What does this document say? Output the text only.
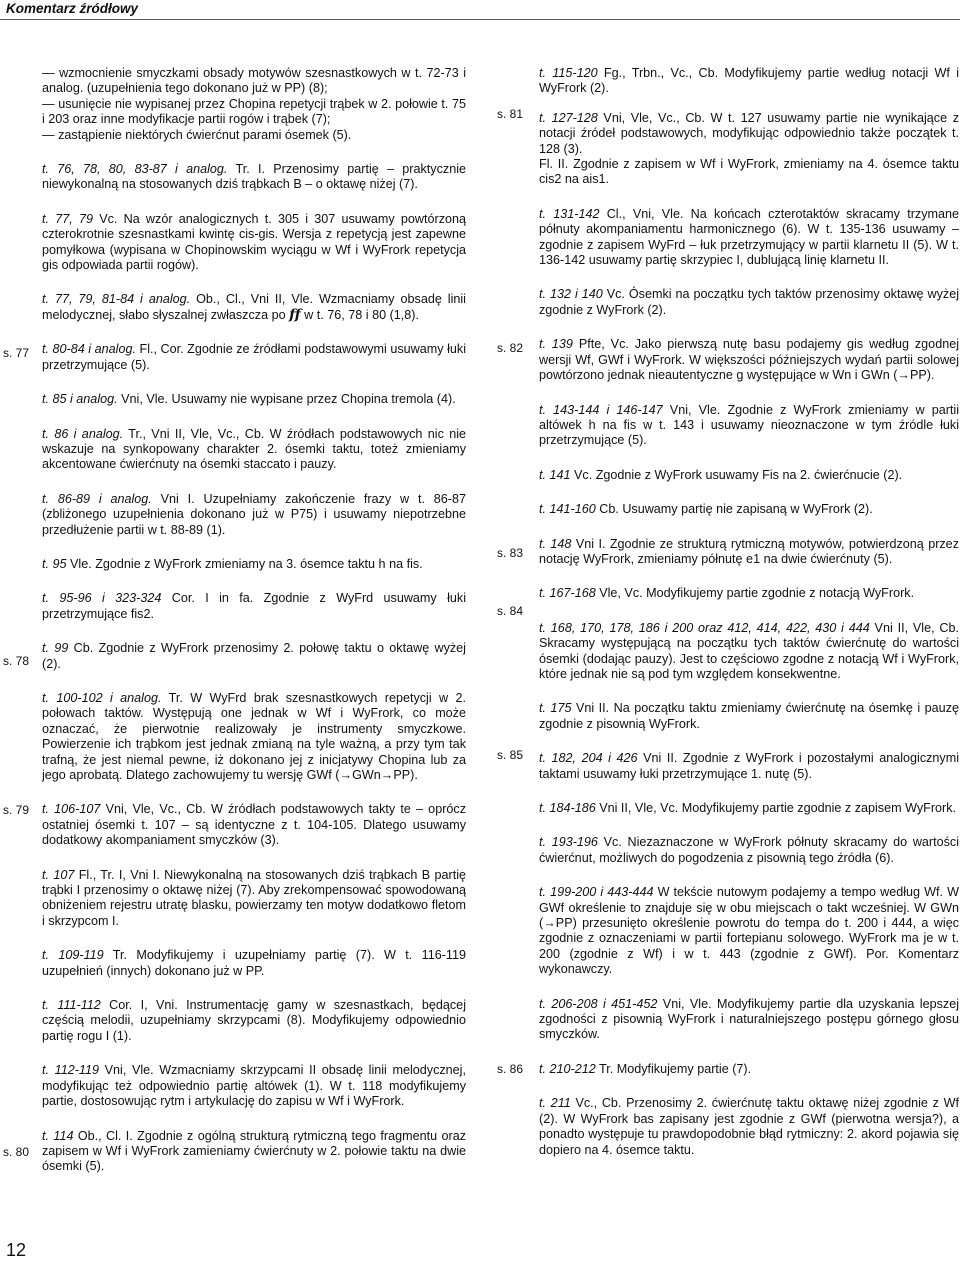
Komentarz źródłowy
s. 77
s. 78
s. 79
s. 80
s. 81
s. 82
s. 83
s. 84
s. 85
s. 86

— wzmocnienie smyczkami obsady motywów szesnastkowych w t. 72-73 i analog. (uzupełnienia tego dokonano już w PP) (8);

— usunięcie nie wypisanej przez Chopina repetycji trąbek w 2. połowie t. 75 i 203 oraz inne modyfikacje partii rogów i trąbek (7);

— zastąpienie niektórych ćwierćnut parami ósemek (5).

t. 76, 78, 80, 83-87 i analog. Tr. I. Przenosimy partię – praktycznie niewykonalną na stosowanych dziś trąbkach B – o oktawę niżej (7).

t. 77, 79 Vc. Na wzór analogicznych t. 305 i 307 usuwamy powtórzoną czterokrotnie szesnastkami kwintę cis-gis. Wersja z repetycją jest zapewne pomyłkowa (wypisana w Chopinowskim wyciągu w Wf i WyFrork repetycja gis odpowiada partii rogów).

t. 77, 79, 81-84 i analog. Ob., Cl., Vni II, Vle. Wzmacniamy obsadę linii melodycznej, słabo słyszalnej zwłaszcza po ff w t. 76, 78 i 80 (1,8).

t. 80-84 i analog. Fl., Cor. Zgodnie ze źródłami podstawowymi usuwamy łuki przetrzymujące (5).

t. 85 i analog. Vni, Vle. Usuwamy nie wypisane przez Chopina tremola (4).

t. 86 i analog. Tr., Vni II, Vle, Vc., Cb. W źródłach podstawowych nic nie wskazuje na synkopowany charakter 2. ósemki taktu, toteż zmieniamy akcentowane ćwierćnuty na ósemki staccato i pauzy.

t. 86-89 i analog. Vni I. Uzupełniamy zakończenie frazy w t. 86-87 (zbliżonego uzupełnienia dokonano już w P75) i usuwamy niepotrzebne przedłużenie partii w t. 88-89 (1).

t. 95 Vle. Zgodnie z WyFrork zmieniamy na 3. ósemce taktu h na fis.

t. 95-96 i 323-324 Cor. I in fa. Zgodnie z WyFrd usuwamy łuki przetrzymujące fis2.

t. 99 Cb. Zgodnie z WyFrork przenosimy 2. połowę taktu o oktawę wyżej (2).

t. 100-102 i analog. Tr. W WyFrd brak szesnastkowych repetycji w 2. połowach taktów. Występują one jednak w Wf i WyFrork, co może oznaczać, że pierwotnie realizowały je instrumenty smyczkowe. Powierzenie ich trąbkom jest jednak zmianą na tyle ważną, a przy tym tak trafną, że jest niemal pewne, iż dokonano jej z inicjatywy Chopina lub za jego aprobatą. Dlatego zachowujemy tu wersję GWf (→GWn→PP).

t. 106-107 Vni, Vle, Vc., Cb. W źródłach podstawowych takty te – oprócz ostatniej ósemki t. 107 – są identyczne z t. 104-105. Dlatego usuwamy dodatkowy akompaniament smyczków (3).

t. 107 Fl., Tr. I, Vni I. Niewykonalną na stosowanych dziś trąbkach B partię trąbki I przenosimy o oktawę niżej (7). Aby zrekompensować spowodowaną obniżeniem rejestru utratę blasku, powierzamy ten motyw dodatkowo fletom i skrzypcom I.

t. 109-119 Tr. Modyfikujemy i uzupełniamy partię (7). W t. 116-119 uzupełnień (innych) dokonano już w PP.

t. 111-112 Cor. I, Vni. Instrumentację gamy w szesnastkach, będącej częścią melodii, uzupełniamy skrzypcami (8). Modyfikujemy odpowiednio partię rogu I (1).

t. 112-119 Vni, Vle. Wzmacniamy skrzypcami II obsadę linii melodycznej, modyfikując też odpowiednio partię altówek (1). W t. 118 modyfikujemy partie, dostosowując rytm i artykulację do zapisu w Wf i WyFrork.

t. 114 Ob., Cl. I. Zgodnie z ogólną strukturą rytmiczną tego fragmentu oraz zapisem w Wf i WyFrork zamieniamy ćwierćnuty w 2. połowie taktu na dwie ósemki (5).

t. 115-120 Fg., Trbn., Vc., Cb. Modyfikujemy partie według notacji Wf i WyFrork (2).

t. 127-128 Vni, Vle, Vc., Cb. W t. 127 usuwamy partie nie wynikające z notacji źródeł podstawowych, modyfikując odpowiednio także początek t. 128 (3).

Fl. II. Zgodnie z zapisem w Wf i WyFrork, zmieniamy na 4. ósemce taktu cis2 na ais1.

t. 131-142 Cl., Vni, Vle. Na końcach czterotaktów skracamy trzymane półnuty akompaniamentu harmonicznego (6). W t. 135-136 usuwamy – zgodnie z zapisem WyFrd – łuk przetrzymujący w partii klarnetu II (5). W t. 136-142 usuwamy partię skrzypiec I, dublującą linię klarnetu II.

t. 132 i 140 Vc. Ósemki na początku tych taktów przenosimy oktawę wyżej zgodnie z WyFrork (2).

t. 139 Pfte, Vc. Jako pierwszą nutę basu podajemy gis według zgodnej wersji Wf, GWf i WyFrork. W większości późniejszych wydań partii solowej powtórzono jednak nieautentyczne g występujące w Wn i GWn (→PP).

t. 143-144 i 146-147 Vni, Vle. Zgodnie z WyFrork zmieniamy w partii altówek h na fis w t. 143 i usuwamy nieoznaczone w tym źródle łuki przetrzymujące (5).

t. 141 Vc. Zgodnie z WyFrork usuwamy Fis na 2. ćwierćnucie (2).

t. 141-160 Cb. Usuwamy partię nie zapisaną w WyFrork (2).

t. 148 Vni I. Zgodnie ze strukturą rytmiczną motywów, potwierdzoną przez notację WyFrork, zmieniamy półnutę e1 na dwie ćwierćnuty (5).

t. 167-168 Vle, Vc. Modyfikujemy partie zgodnie z notacją WyFrork.

t. 168, 170, 178, 186 i 200 oraz 412, 414, 422, 430 i 444 Vni II, Vle, Cb. Skracamy występującą na początku tych taktów ćwierćnutę do wartości ósemki (dodając pauzy). Jest to częściowo zgodne z notacją Wf i WyFrork, które jednak nie są pod tym względem konsekwentne.

t. 175 Vni II. Na początku taktu zmieniamy ćwierćnutę na ósemkę i pauzę zgodnie z pisownią WyFrork.

t. 182, 204 i 426 Vni II. Zgodnie z WyFrork i pozostałymi analogicznymi taktami usuwamy łuki przetrzymujące 1. nutę (5).

t. 184-186 Vni II, Vle, Vc. Modyfikujemy partie zgodnie z zapisem WyFrork.

t. 193-196 Vc. Niezaznaczone w WyFrork półnuty skracamy do wartości ćwierćnut, możliwych do pogodzenia z pisownią tego źródła (6).

t. 199-200 i 443-444 W tekście nutowym podajemy a tempo według Wf. W GWf określenie to znajduje się w obu miejscach o takt wcześniej. W GWn (→PP) przesunięto określenie powrotu do tempa do t. 200 i 444, a więc zgodnie z oznaczeniami w partii fortepianu solowego. WyFrork ma je w t. 200 (zgodnie z Wf) i w t. 443 (zgodnie z GWf). Por. Komentarz wykonawczy.

t. 206-208 i 451-452 Vni, Vle. Modyfikujemy partie dla uzyskania lepszej zgodności z pisownią WyFrork i naturalniejszego postępu górnego głosu smyczków.

t. 210-212 Tr. Modyfikujemy partie (7).

t. 211 Vc., Cb. Przenosimy 2. ćwierćnutę taktu oktawę niżej zgodnie z Wf (2). W WyFrork bas zapisany jest zgodnie z GWf (pierwotna wersja?), a ponadto występuje tu prawdopodobnie błąd rytmiczny: 2. akord pojawia się dopiero na 4. ósemce taktu.

12
